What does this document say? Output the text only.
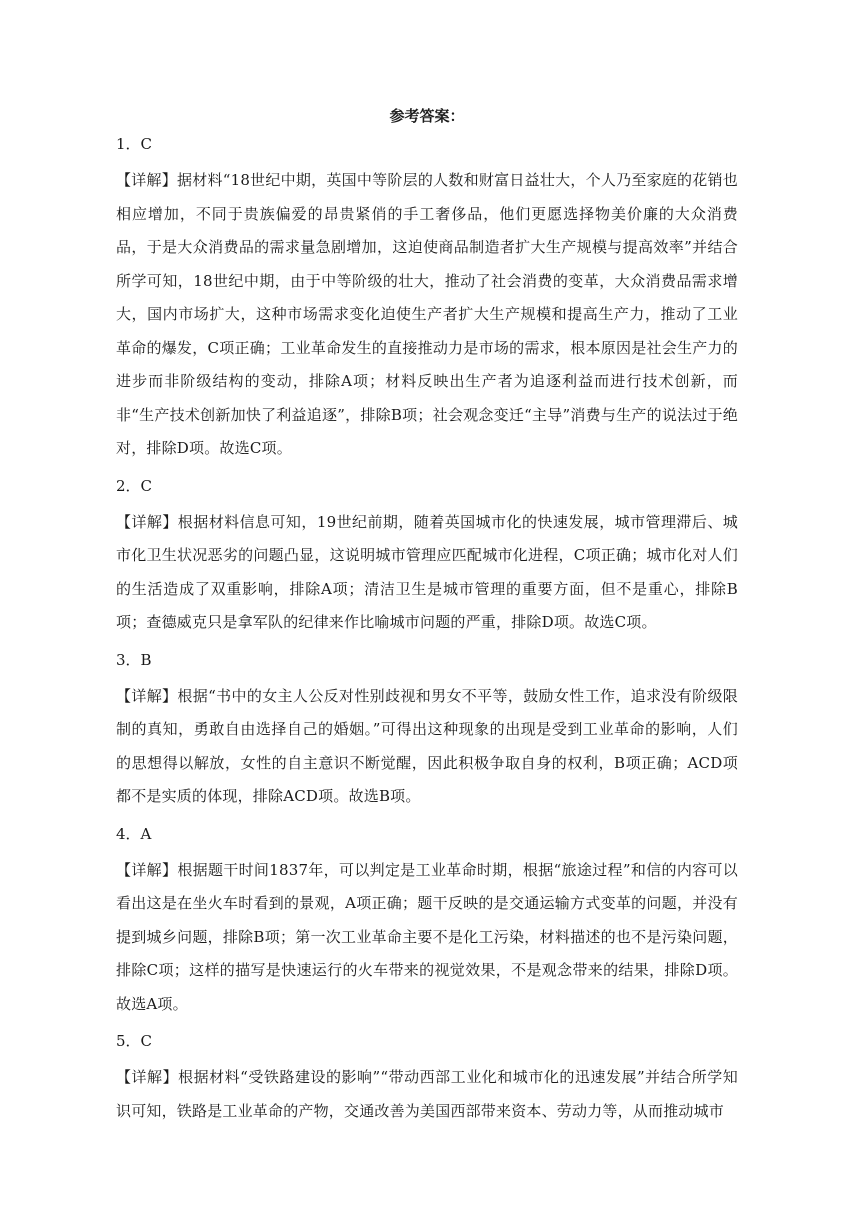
参考答案：

1．C

【详解】据材料“18世纪中期，英国中等阶层的人数和财富日益壮大，个人乃至家庭的花销也相应增加，不同于贵族偏爱的昂贵紧俏的手工奢侈品，他们更愿选择物美价廉的大众消费品，于是大众消费品的需求量急剧增加，这迫使商品制造者扩大生产规模与提高效率”并结合所学可知，18世纪中期，由于中等阶级的壮大，推动了社会消费的变革，大众消费品需求增大，国内市场扩大，这种市场需求变化迫使生产者扩大生产规模和提高生产力，推动了工业革命的爆发，C项正确；工业革命发生的直接推动力是市场的需求，根本原因是社会生产力的进步而非阶级结构的变动，排除A项；材料反映出生产者为追逐利益而进行技术创新，而非“生产技术创新加快了利益追逐”，排除B项；社会观念变迁“主导”消费与生产的说法过于绝对，排除D项。故选C项。

2．C

【详解】根据材料信息可知，19世纪前期，随着英国城市化的快速发展，城市管理滞后、城市化卫生状况恶劣的问题凸显，这说明城市管理应匹配城市化进程，C项正确；城市化对人们的生活造成了双重影响，排除A项；清洁卫生是城市管理的重要方面，但不是重心，排除B项；查德威克只是拿军队的纪律来作比喻城市问题的严重，排除D项。故选C项。

3．B

【详解】根据“书中的女主人公反对性别歧视和男女不平等，鼓励女性工作，追求没有阶级限制的真知，勇敢自由选择自己的婚姻。”可得出这种现象的出现是受到工业革命的影响，人们的思想得以解放，女性的自主意识不断觉醒，因此积极争取自身的权利，B项正确；ACD项都不是实质的体现，排除ACD项。故选B项。

4．A

【详解】根据题干时间1837年，可以判定是工业革命时期，根据“旅途过程”和信的内容可以看出这是在坐火车时看到的景观，A项正确；题干反映的是交通运输方式变革的问题，并没有提到城乡问题，排除B项；第一次工业革命主要不是化工污染，材料描述的也不是污染问题，排除C项；这样的描写是快速运行的火车带来的视觉效果，不是观念带来的结果，排除D项。故选A项。

5．C

【详解】根据材料“受铁路建设的影响”“带动西部工业化和城市化的迅速发展”并结合所学知识可知，铁路是工业革命的产物，交通改善为美国西部带来资本、劳动力等，从而推动城市
